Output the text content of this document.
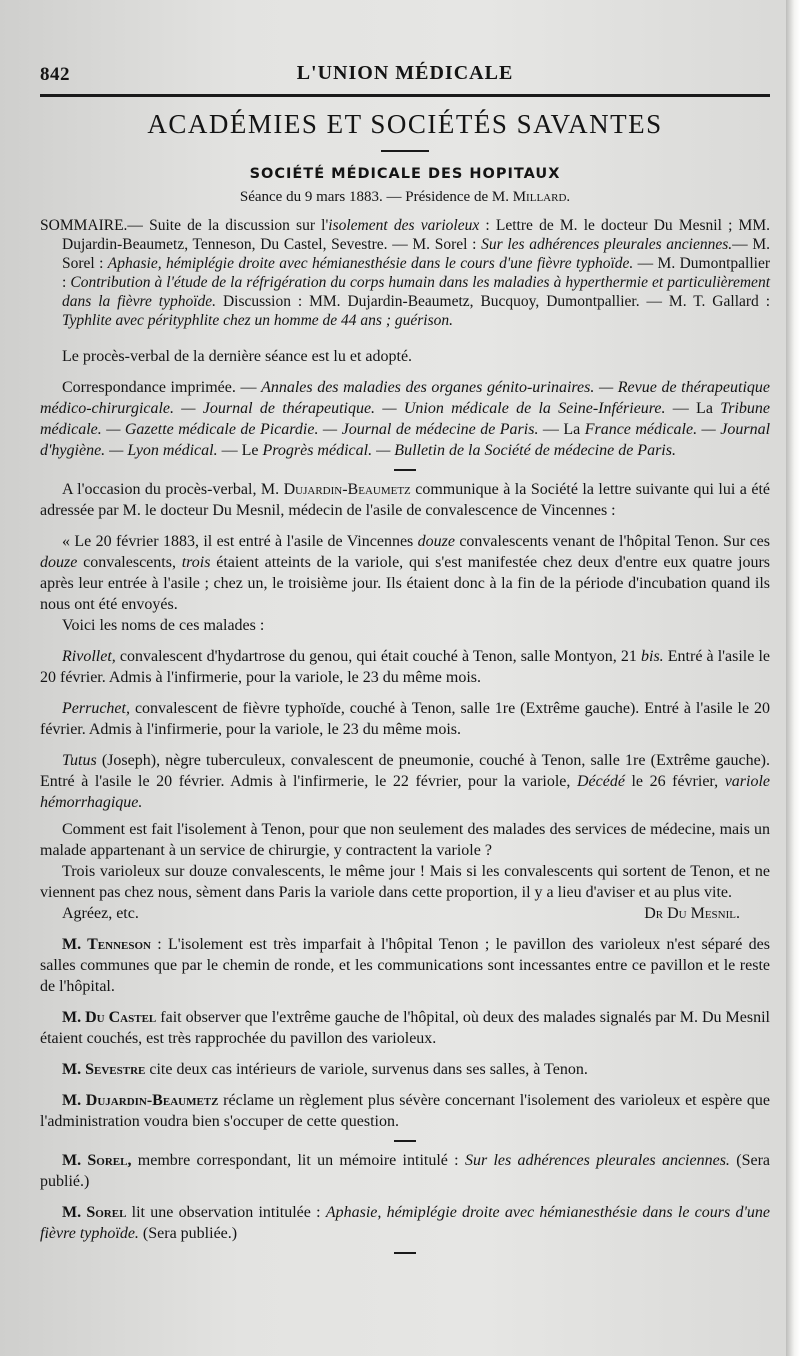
842	L'UNION MÉDICALE
ACADÉMIES ET SOCIÉTÉS SAVANTES
SOCIÉTÉ MÉDICALE DES HOPITAUX
Séance du 9 mars 1883. — Présidence de M. Millard.
SOMMAIRE.— Suite de la discussion sur l'isolement des varioleux : Lettre de M. le docteur Du Mesnil ; MM. Dujardin-Beaumetz, Tenneson, Du Castel, Sevestre. — M. Sorel : Sur les adhérences pleurales anciennes.— M. Sorel : Aphasie, hémiplégie droite avec hémianesthésie dans le cours d'une fièvre typhoïde. — M. Dumontpallier : Contribution à l'étude de la réfrigération du corps humain dans les maladies à hyperthermie et particulièrement dans la fièvre typhoïde. Discussion : MM. Dujardin-Beaumetz, Bucquoy, Dumontpallier. — M. T. Gallard : Typhlite avec pérityphlite chez un homme de 44 ans ; guérison.

Le procès-verbal de la dernière séance est lu et adopté.

Correspondance imprimée. — Annales des maladies des organes génito-urinaires. — Revue de thérapeutique médico-chirurgicale. — Journal de thérapeutique. — Union médicale de la Seine-Inférieure. — La Tribune médicale. — Gazette médicale de Picardie. — Journal de médecine de Paris. — La France médicale. — Journal d'hygiène. — Lyon médical. — Le Progrès médical. — Bulletin de la Société de médecine de Paris.

A l'occasion du procès-verbal, M. Dujardin-Beaumetz communique à la Société la lettre suivante qui lui a été adressée par M. le docteur Du Mesnil, médecin de l'asile de convalescence de Vincennes :

« Le 20 février 1883, il est entré à l'asile de Vincennes douze convalescents venant de l'hôpital Tenon. Sur ces douze convalescents, trois étaient atteints de la variole, qui s'est manifestée chez deux d'entre eux quatre jours après leur entrée à l'asile ; chez un, le troisième jour. Ils étaient donc à la fin de la période d'incubation quand ils nous ont été envoyés.

Voici les noms de ces malades :

Rivollet, convalescent d'hydartrose du genou, qui était couché à Tenon, salle Montyon, 21 bis. Entré à l'asile le 20 février. Admis à l'infirmerie, pour la variole, le 23 du même mois.

Perruchet, convalescent de fièvre typhoïde, couché à Tenon, salle 1re (Extrême gauche). Entré à l'asile le 20 février. Admis à l'infirmerie, pour la variole, le 23 du même mois.

Tutus (Joseph), nègre tuberculeux, convalescent de pneumonie, couché à Tenon, salle 1re (Extrême gauche). Entré à l'asile le 20 février. Admis à l'infirmerie, le 22 février, pour la variole, Décédé le 26 février, variole hémorrhagique.

Comment est fait l'isolement à Tenon, pour que non seulement des malades des services de médecine, mais un malade appartenant à un service de chirurgie, y contractent la variole ?

Trois varioleux sur douze convalescents, le même jour ! Mais si les convalescents qui sortent de Tenon, et ne viennent pas chez nous, sèment dans Paris la variole dans cette proportion, il y a lieu d'aviser et au plus vite.

Agréez, etc.	Dr Du Mesnil.

M. Tenneson : L'isolement est très imparfait à l'hôpital Tenon ; le pavillon des varioleux n'est séparé des salles communes que par le chemin de ronde, et les communications sont incessantes entre ce pavillon et le reste de l'hôpital.

M. Du Castel fait observer que l'extrême gauche de l'hôpital, où deux des malades signalés par M. Du Mesnil étaient couchés, est très rapprochée du pavillon des varioleux.

M. Sevestre cite deux cas intérieurs de variole, survenus dans ses salles, à Tenon.

M. Dujardin-Beaumetz réclame un règlement plus sévère concernant l'isolement des varioleux et espère que l'administration voudra bien s'occuper de cette question.

M. Sorel, membre correspondant, lit un mémoire intitulé : Sur les adhérences pleurales anciennes. (Sera publié.)

M. Sorel lit une observation intitulée : Aphasie, hémiplégie droite avec hémianesthésie dans le cours d'une fièvre typhoïde. (Sera publiée.)
